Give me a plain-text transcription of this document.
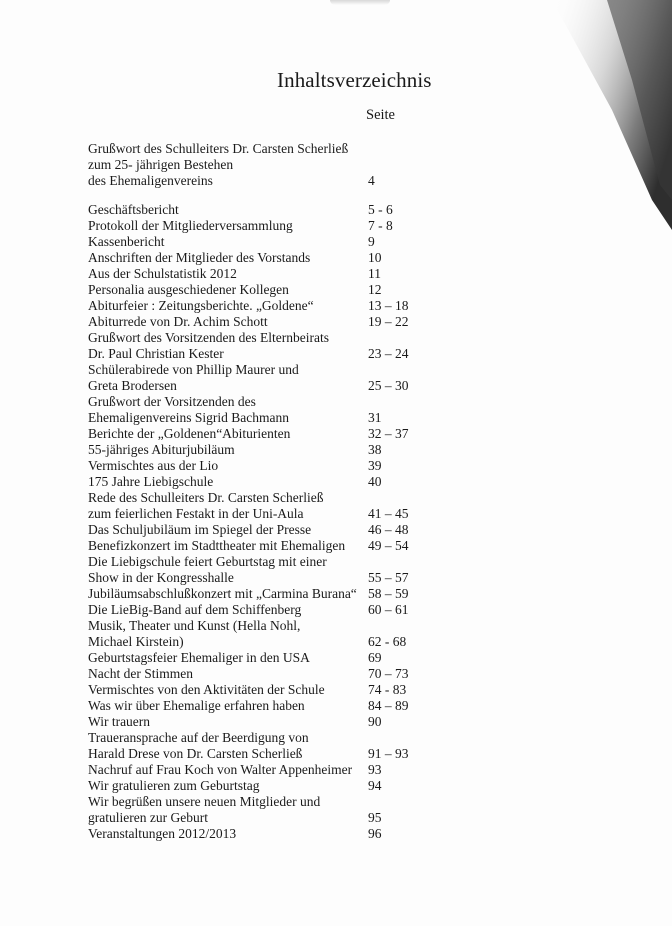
Inhaltsverzeichnis
Seite
Grußwort des Schulleiters Dr. Carsten Scherließ
zum 25- jährigen Bestehen
des Ehemaligenvereins	4
Geschäftsbericht	5 - 6
Protokoll der Mitgliederversammlung	7 - 8
Kassenbericht	9
Anschriften der Mitglieder des Vorstands	10
Aus der Schulstatistik 2012	11
Personalia ausgeschiedener Kollegen	12
Abiturfeier : Zeitungsberichte. „Goldene“	13 – 18
Abiturrede von Dr. Achim Schott	19 – 22
Grußwort des Vorsitzenden des Elternbeirats
Dr. Paul Christian Kester	23 – 24
Schülerabirede von Phillip Maurer und
Greta Brodersen	25 – 30
Grußwort der Vorsitzenden des
Ehemaligenvereins Sigrid Bachmann	31
Berichte der „Goldenen“Abiturienten	32 – 37
55-jähriges Abiturjubiläum	38
Vermischtes aus der Lio	39
175 Jahre Liebigschule	40
Rede des Schulleiters Dr. Carsten Scherließ
zum feierlichen Festakt in der Uni-Aula	41 – 45
Das Schuljubiläum im Spiegel der Presse	46 – 48
Benefizkonzert im Stadttheater mit Ehemaligen	49 – 54
Die Liebigschule feiert Geburtstag mit einer
Show in der Kongresshalle	55 – 57
Jubiläumsabschlußkonzert mit „Carmina Burana“ 58 – 59
Die LieBig-Band auf dem Schiffenberg	60 – 61
Musik, Theater und Kunst (Hella Nohl,
Michael Kirstein)	62 - 68
Geburtstagsfeier Ehemaliger in den USA	69
Nacht der Stimmen	70 – 73
Vermischtes von den Aktivitäten der Schule	74 - 83
Was wir über Ehemalige erfahren haben	84 – 89
Wir trauern	90
Traueransprache auf der Beerdigung von
Harald Drese von Dr. Carsten Scherließ	91 – 93
Nachruf auf Frau Koch von Walter Appenheimer	93
Wir gratulieren zum Geburtstag	94
Wir begrüßen unsere neuen Mitglieder und
gratulieren zur Geburt	95
Veranstaltungen 2012/2013	96
